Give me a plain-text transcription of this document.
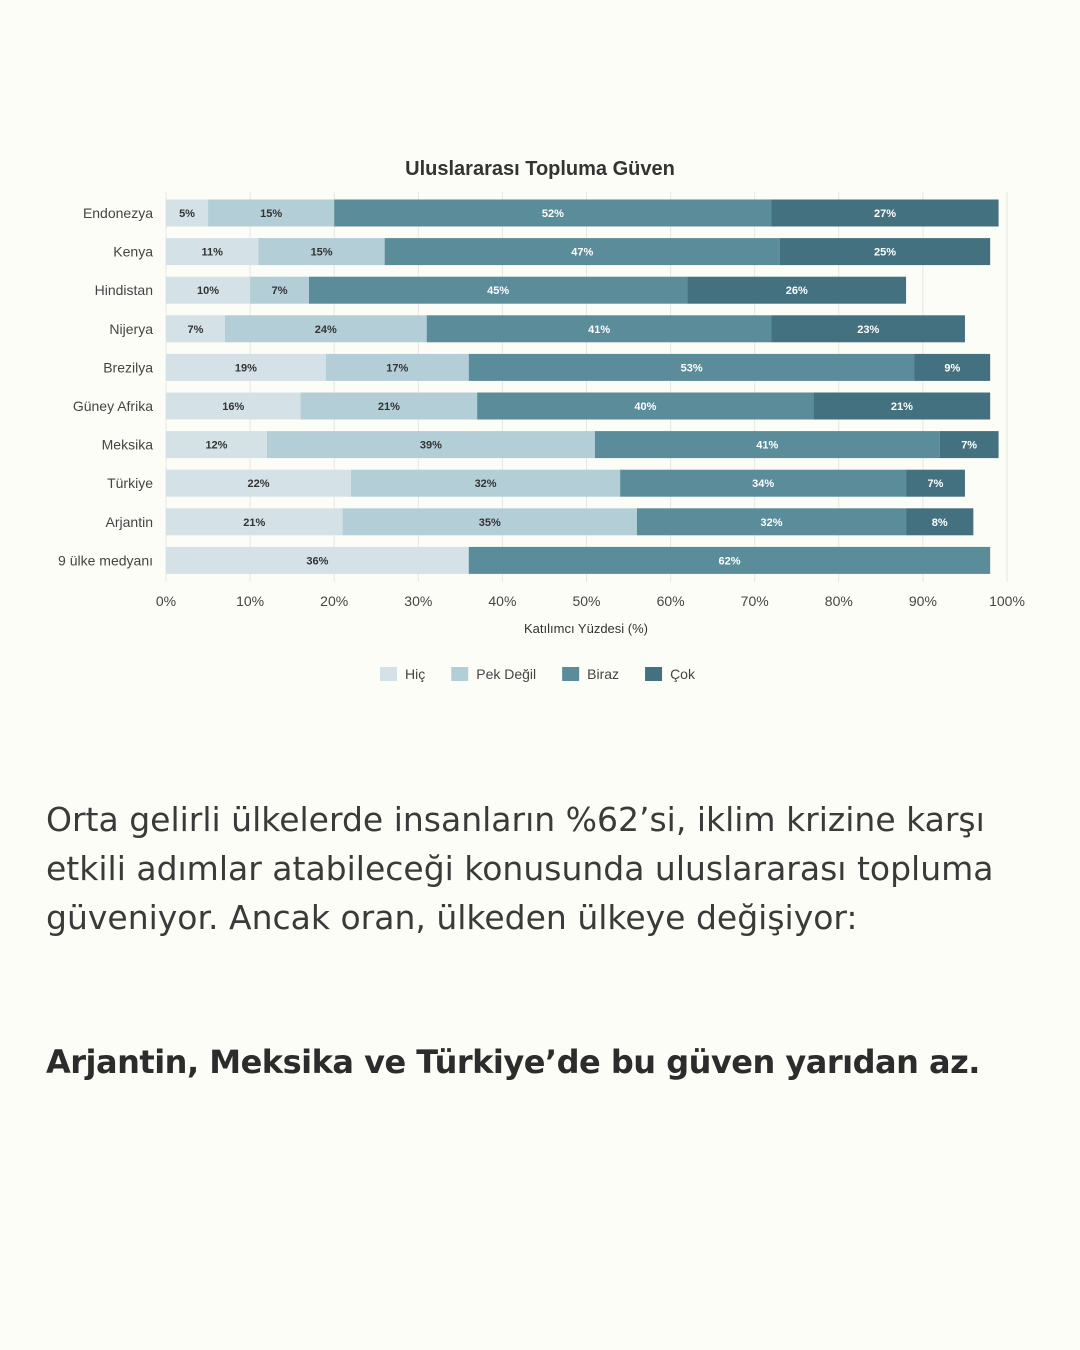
Uluslararası Topluma Güven
5%	15%	52%	27%
11%	15%	47%	25%
10%	7%	45%	26%
7%	24%	41%	23%
19%	17%	53%	9%
16%	21%	40%	21%
12%	39%	41%	7%
22%	32%	34%	7%
21%	35%	32%	8%
36%	62%
Endonezya
Kenya
Hindistan
Nijerya
Brezilya
Güney Afrika
Meksika
Türkiye
Arjantin
9 ülke medyanı
0%	10%	20%	30%	40%	50%	60%	70%	80%	90%	100%
Katılımcı Yüzdesi (%)
Hiç	Pek Değil	Biraz	Çok

Orta gelirli ülkelerde insanların %62’si, iklim krizine karşı etkili adımlar atabileceği konusunda uluslararası topluma güveniyor. Ancak oran, ülkeden ülkeye değişiyor:

Arjantin, Meksika ve Türkiye’de bu güven yarıdan az.
